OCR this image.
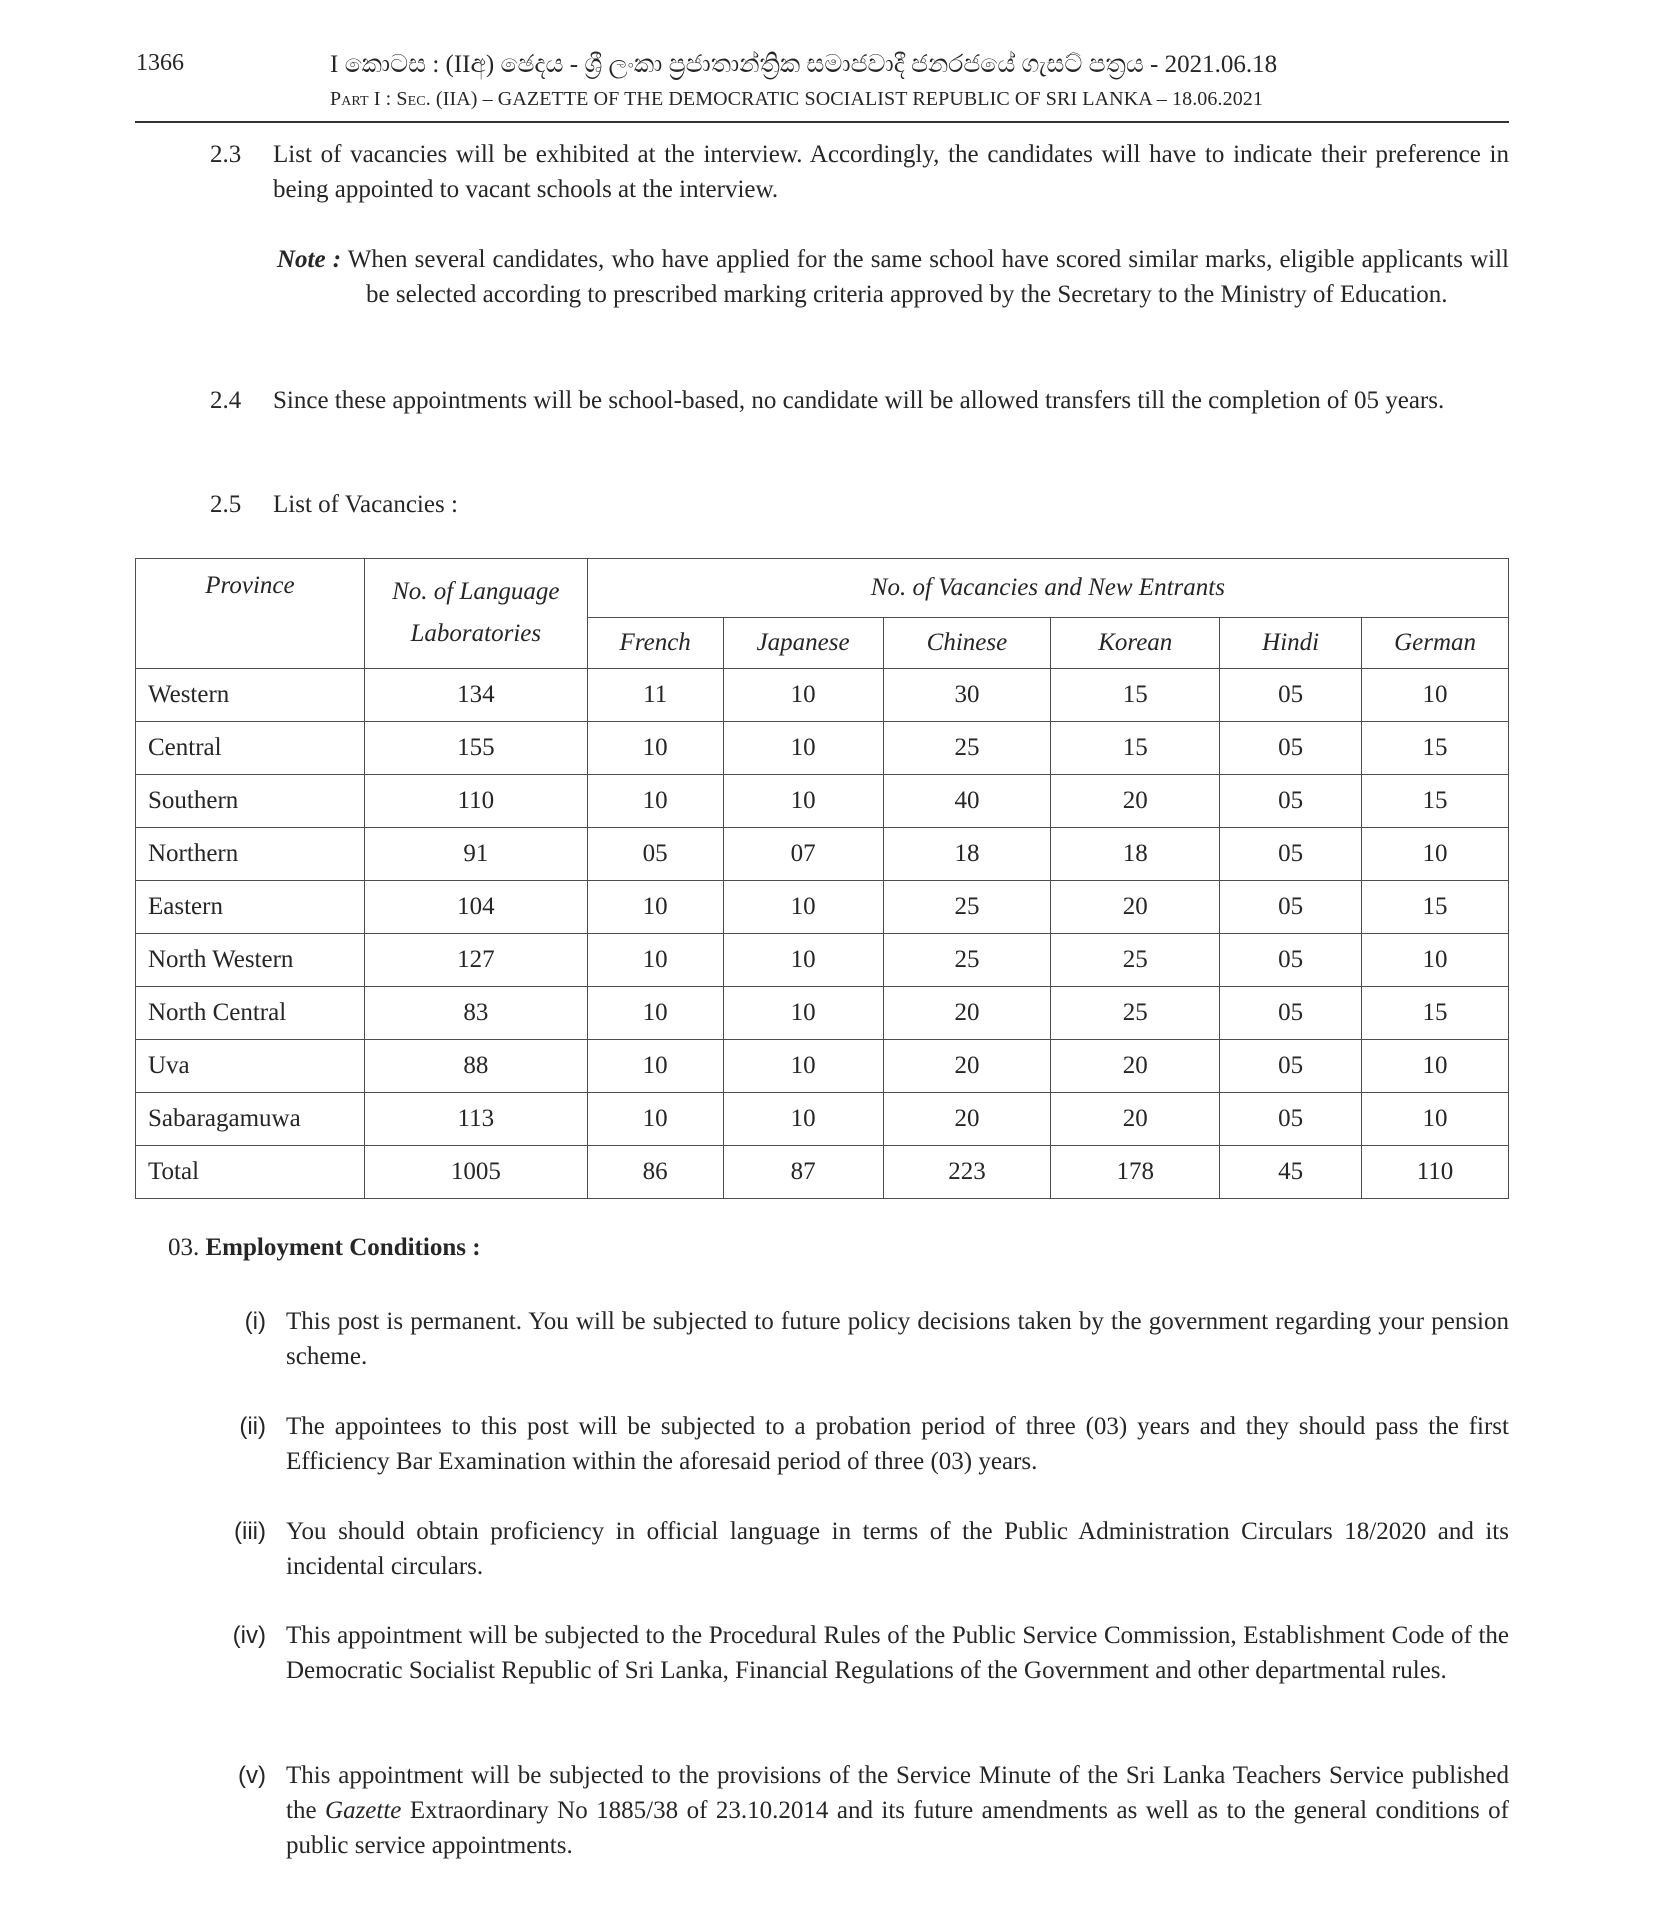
1366	I කොටස : (IIඅ) ඡෙදය - ශ්‍රී ලංකා ප්‍රජාතාන්ත්‍රික සමාජවාදී ජනරජයේ ගැසට් පත්‍රය - 2021.06.18
Part I : Sec. (IIA) – GAZETTE OF THE DEMOCRATIC SOCIALIST REPUBLIC OF SRI LANKA – 18.06.2021
2.3 List of vacancies will be exhibited at the interview. Accordingly, the candidates will have to indicate their preference in being appointed to vacant schools at the interview.
Note : When several candidates, who have applied for the same school have scored similar marks, eligible applicants will be selected according to prescribed marking criteria approved by the Secretary to the Ministry of Education.
2.4 Since these appointments will be school-based, no candidate will be allowed transfers till the completion of 05 years.
2.5 List of Vacancies :
Province	No. of Language Laboratories	No. of Vacancies and New Entrants					
		French	Japanese	Chinese	Korean	Hindi	German
Western	134	11	10	30	15	05	10
Central	155	10	10	25	15	05	15
Southern	110	10	10	40	20	05	15
Northern	91	05	07	18	18	05	10
Eastern	104	10	10	25	20	05	15
North Western	127	10	10	25	25	05	10
North Central	83	10	10	20	25	05	15
Uva	88	10	10	20	20	05	10
Sabaragamuwa	113	10	10	20	20	05	10
Total	1005	86	87	223	178	45	110
03. Employment Conditions :
(i) This post is permanent. You will be subjected to future policy decisions taken by the government regarding your pension scheme.
(ii) The appointees to this post will be subjected to a probation period of three (03) years and they should pass the first Efficiency Bar Examination within the aforesaid period of three (03) years.
(iii) You should obtain proficiency in official language in terms of the Public Administration Circulars 18/2020 and its incidental circulars.
(iv) This appointment will be subjected to the Procedural Rules of the Public Service Commission, Establishment Code of the Democratic Socialist Republic of Sri Lanka, Financial Regulations of the Government and other departmental rules.
(v) This appointment will be subjected to the provisions of the Service Minute of the Sri Lanka Teachers Service published the Gazette Extraordinary No 1885/38 of 23.10.2014 and its future amendments as well as to the general conditions of public service appointments.
